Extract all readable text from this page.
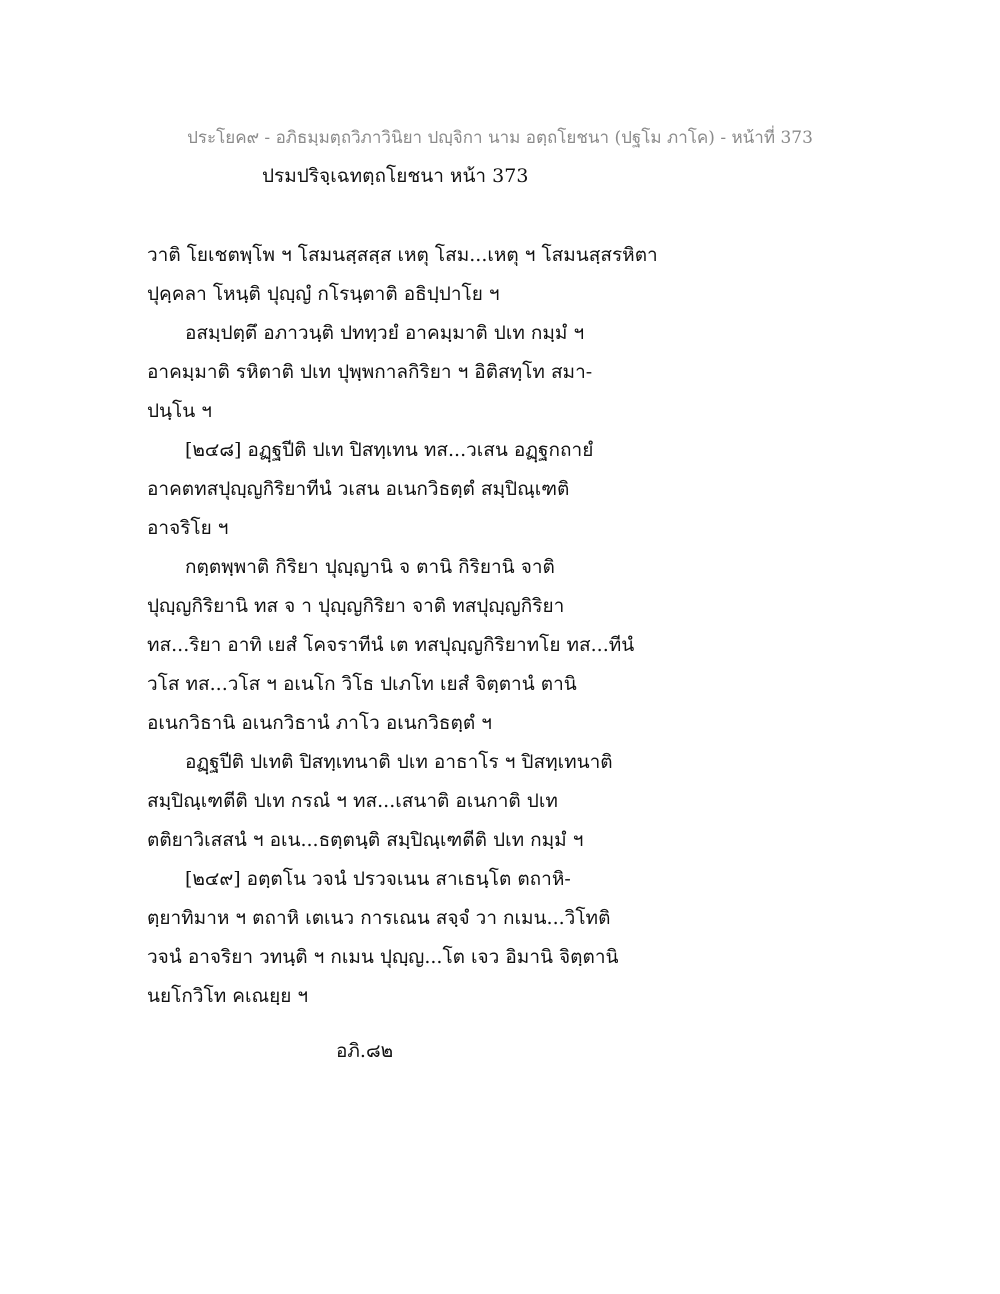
ประโยค๙ - อภิธมฺมตฺถวิภาวินิยา ปญฺจิกา นาม อตฺถโยชนา (ปฐโม ภาโค) - หน้าที่ 373
ปรมปริจฺเฉทตฺถโยชนา หน้า 373
วาติ โยเชตพฺโพ ฯ โสมนสฺสสฺส เหตุ โสม...เหตุ ฯ โสมนสฺสรหิตา
ปุคฺคลา โหนฺติ ปุญฺญํ กโรนฺตาติ อธิปฺปาโย ฯ
อสมฺปตฺตึ อภาวนฺติ ปททฺวยํ อาคมฺมาติ ปเท กมฺมํ ฯ
อาคมฺมาติ รหิตาติ ปเท ปุพฺพกาลกิริยา ฯ อิติสทฺโท สมา-
ปนฺโน ฯ
[๒๔๘] อฏฺฐปีติ ปเท ปิสทฺเทน ทส...วเสน อฏฺฐกถายํ
อาคตทสปุญฺญกิริยาทีนํ วเสน อเนกวิธตฺตํ สมฺปิณฺเฑติ
อาจริโย ฯ
กตฺตพฺพาติ กิริยา ปุญฺญานิ จ ตานิ กิริยานิ จาติ
ปุญฺญกิริยานิ ทส จ า ปุญฺญกิริยา จาติ ทสปุญฺญกิริยา
ทส...ริยา อาทิ เยสํ โคจราทีนํ เต ทสปุญฺญกิริยาทโย ทส...ทีนํ
วโส ทส...วโส ฯ อเนโก วิโธ ปเภโท เยสํ จิตฺตานํ ตานิ
อเนกวิธานิ อเนกวิธานํ ภาโว อเนกวิธตฺตํ ฯ
อฏฺฐปีติ ปเทติ ปิสทฺเทนาติ ปเท อาธาโร ฯ ปิสทฺเทนาติ
สมฺปิณฺเฑตีติ ปเท กรณํ ฯ ทส...เสนาติ อเนกาติ ปเท
ตติยาวิเสสนํ ฯ อเน...ธตฺตนฺติ สมฺปิณฺเฑตีติ ปเท กมฺมํ ฯ
[๒๔๙] อตฺตโน วจนํ ปรวจเนน สาเธนฺโต ตถาหิ-
ตฺยาทิมาห ฯ ตถาหิ เตเนว การเณน สจฺจํ วา กเมน...วิโทติ
วจนํ อาจริยา วทนฺติ ฯ กเมน ปุญฺญ...โต เจว อิมานิ จิตฺตานิ
นยโกวิโท คเณยฺย ฯ
อภิ.๘๒
